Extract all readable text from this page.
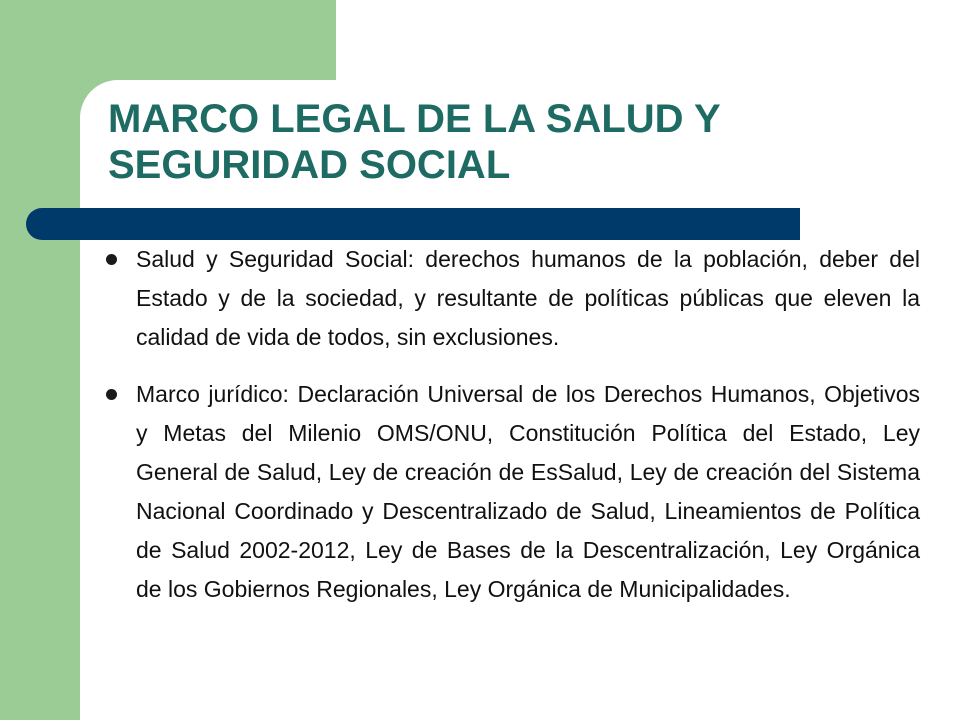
MARCO LEGAL DE LA SALUD Y
SEGURIDAD SOCIAL
Salud y Seguridad Social: derechos humanos de la población, deber del Estado y de la sociedad, y resultante de políticas públicas que eleven la calidad de vida de todos, sin exclusiones.
Marco jurídico: Declaración Universal de los Derechos Humanos, Objetivos y Metas del Milenio OMS/ONU, Constitución Política del Estado, Ley General de Salud, Ley de creación de EsSalud, Ley de creación del Sistema Nacional Coordinado y Descentralizado de Salud, Lineamientos de Política de Salud 2002-2012, Ley de Bases de la Descentralización, Ley Orgánica de los Gobiernos Regionales, Ley Orgánica de Municipalidades.
